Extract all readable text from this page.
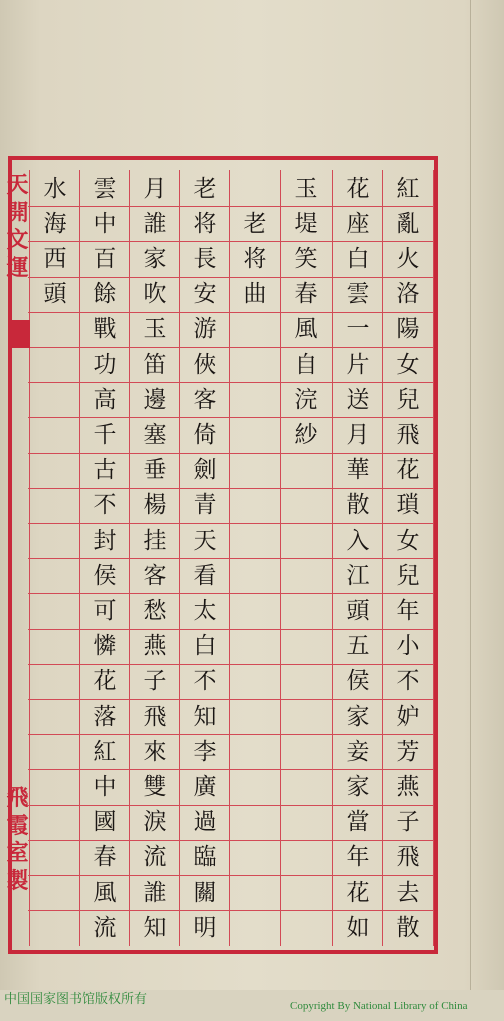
紅
亂
火
洛
陽
女
兒
飛
花
瑣
女
兒
年
小
不
妒
芳
燕
子
飛
去
散
花
座
白
雲
一
片
送
月
華
散
入
江
頭
五
侯
家
妾
家
當
年
花
如
玉
堤
笑
春
風
自
浣
紗
老
将
曲
老
将
長
安
游
俠
客
倚
劍
青
天
看
太
白
不
知
李
廣
過
臨
關
明
月
誰
家
吹
玉
笛
邊
塞
垂
楊
挂
客
愁
燕
子
飛
來
雙
淚
流
誰
知
雲
中
百
餘
戰
功
高
千
古
不
封
侯
可
憐
花
落
紅
中
國
春
風
流
水
海
西
頭
天
開
文
運
飛
霞
室
製
中国国家图书馆版权所有	Copyright By National Library of China
